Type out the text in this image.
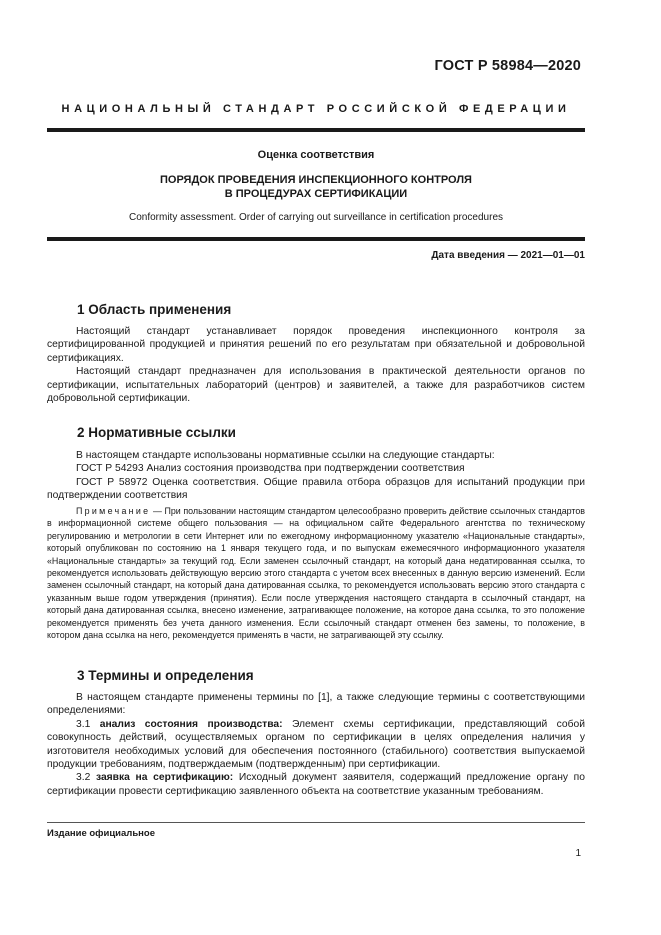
ГОСТ Р 58984—2020
НАЦИОНАЛЬНЫЙ СТАНДАРТ РОССИЙСКОЙ ФЕДЕРАЦИИ
Оценка соответствия
ПОРЯДОК ПРОВЕДЕНИЯ ИНСПЕКЦИОННОГО КОНТРОЛЯ
В ПРОЦЕДУРАХ СЕРТИФИКАЦИИ
Conformity assessment. Order of carrying out surveillance in certification procedures
Дата введения — 2021—01—01
1 Область применения

Настоящий стандарт устанавливает порядок проведения инспекционного контроля за сертифицированной продукцией и принятия решений по его результатам при обязательной и добровольной сертификациях.

Настоящий стандарт предназначен для использования в практической деятельности органов по сертификации, испытательных лабораторий (центров) и заявителей, а также для разработчиков систем добровольной сертификации.

2 Нормативные ссылки

В настоящем стандарте использованы нормативные ссылки на следующие стандарты:

ГОСТ Р 54293 Анализ состояния производства при подтверждении соответствия

ГОСТ Р 58972 Оценка соответствия. Общие правила отбора образцов для испытаний продукции при подтверждении соответствия

Примечание — При пользовании настоящим стандартом целесообразно проверить действие ссылочных стандартов в информационной системе общего пользования — на официальном сайте Федерального агентства по техническому регулированию и метрологии в сети Интернет или по ежегодному информационному указателю «Национальные стандарты», который опубликован по состоянию на 1 января текущего года, и по выпускам ежемесячного информационного указателя «Национальные стандарты» за текущий год. Если заменен ссылочный стандарт, на который дана недатированная ссылка, то рекомендуется использовать действующую версию этого стандарта с учетом всех внесенных в данную версию изменений. Если заменен ссылочный стандарт, на который дана датированная ссылка, то рекомендуется использовать версию этого стандарта с указанным выше годом утверждения (принятия). Если после утверждения настоящего стандарта в ссылочный стандарт, на который дана датированная ссылка, внесено изменение, затрагивающее положение, на которое дана ссылка, то это положение рекомендуется применять без учета данного изменения. Если ссылочный стандарт отменен без замены, то положение, в котором дана ссылка на него, рекомендуется применять в части, не затрагивающей эту ссылку.

3 Термины и определения

В настоящем стандарте применены термины по [1], а также следующие термины с соответствующими определениями:

3.1 анализ состояния производства: Элемент схемы сертификации, представляющий собой совокупность действий, осуществляемых органом по сертификации в целях определения наличия у изготовителя необходимых условий для обеспечения постоянного (стабильного) соответствия выпускаемой продукции требованиям, подтверждаемым (подтвержденным) при сертификации.

3.2 заявка на сертификацию: Исходный документ заявителя, содержащий предложение органу по сертификации провести сертификацию заявленного объекта на соответствие указанным требованиям.

Издание официальное
1
